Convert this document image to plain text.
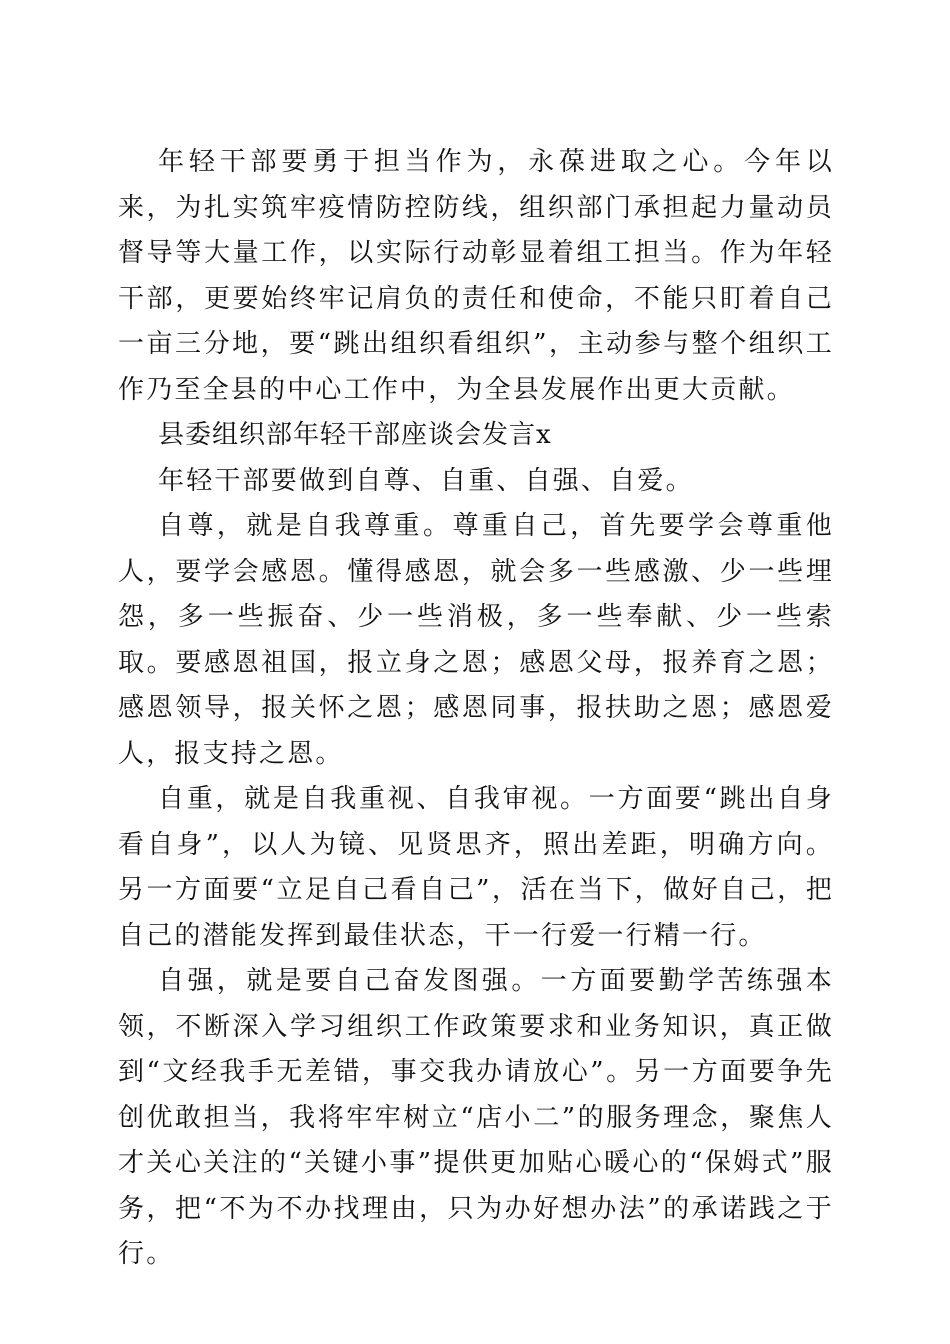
年轻干部要勇于担当作为，永葆进取之心。今年以来，为扎实筑牢疫情防控防线，组织部门承担起力量动员督导等大量工作，以实际行动彰显着组工担当。作为年轻干部，更要始终牢记肩负的责任和使命，不能只盯着自己一亩三分地，要“跳出组织看组织”，主动参与整个组织工作乃至全县的中心工作中，为全县发展作出更大贡献。

县委组织部年轻干部座谈会发言x

年轻干部要做到自尊、自重、自强、自爱。

自尊，就是自我尊重。尊重自己，首先要学会尊重他人，要学会感恩。懂得感恩，就会多一些感激、少一些埋怨，多一些振奋、少一些消极，多一些奉献、少一些索取。要感恩祖国，报立身之恩；感恩父母，报养育之恩；感恩领导，报关怀之恩；感恩同事，报扶助之恩；感恩爱人，报支持之恩。

自重，就是自我重视、自我审视。一方面要“跳出自身看自身”，以人为镜、见贤思齐，照出差距，明确方向。另一方面要“立足自己看自己”，活在当下，做好自己，把自己的潜能发挥到最佳状态，干一行爱一行精一行。

自强，就是要自己奋发图强。一方面要勤学苦练强本领，不断深入学习组织工作政策要求和业务知识，真正做到“文经我手无差错，事交我办请放心”。另一方面要争先创优敢担当，我将牢牢树立“店小二”的服务理念，聚焦人才关心关注的“关键小事”提供更加贴心暖心的“保姆式”服务，把“不为不办找理由，只为办好想办法”的承诺践之于行。
